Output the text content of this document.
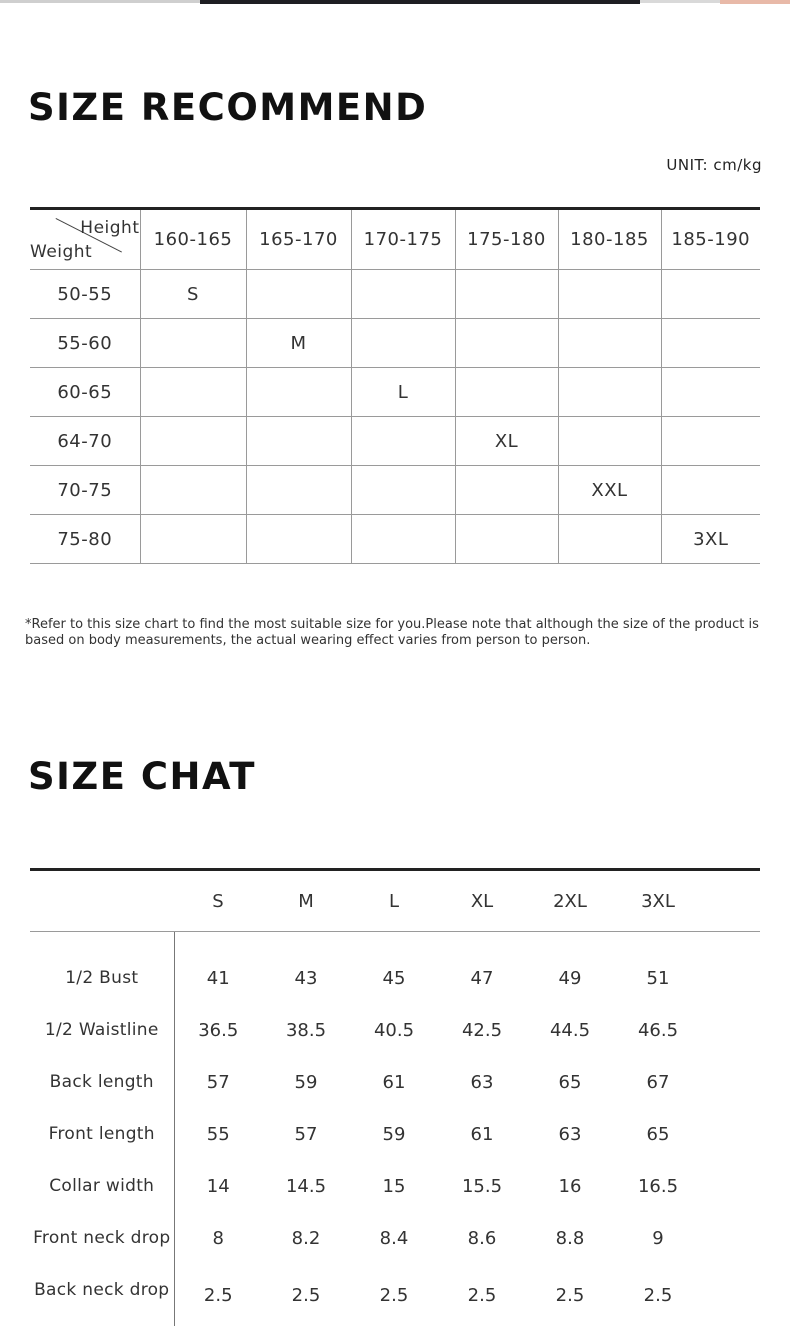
SIZE RECOMMEND
UNIT: cm/kg
Height
Weight	160-165	165-170	170-175	175-180	180-185	185-190
50-55	S					
55-60		M				
60-65			L			
64-70				XL		
70-75					XXL	
75-80						3XL

*Refer to this size chart to find the most suitable size for you.Please note that although the size of the product is based on body measurements, the actual wearing effect varies from person to person.

SIZE CHAT
	S	M	L	XL	2XL	3XL	
1/2 Bust	41	43	45	47	49	51	
1/2 Waistline	36.5	38.5	40.5	42.5	44.5	46.5	
Back length	57	59	61	63	65	67	
Front length	55	57	59	61	63	65	
Collar width	14	14.5	15	15.5	16	16.5	
Front neck drop	8	8.2	8.4	8.6	8.8	9	
Back neck drop	2.5	2.5	2.5	2.5	2.5	2.5	
